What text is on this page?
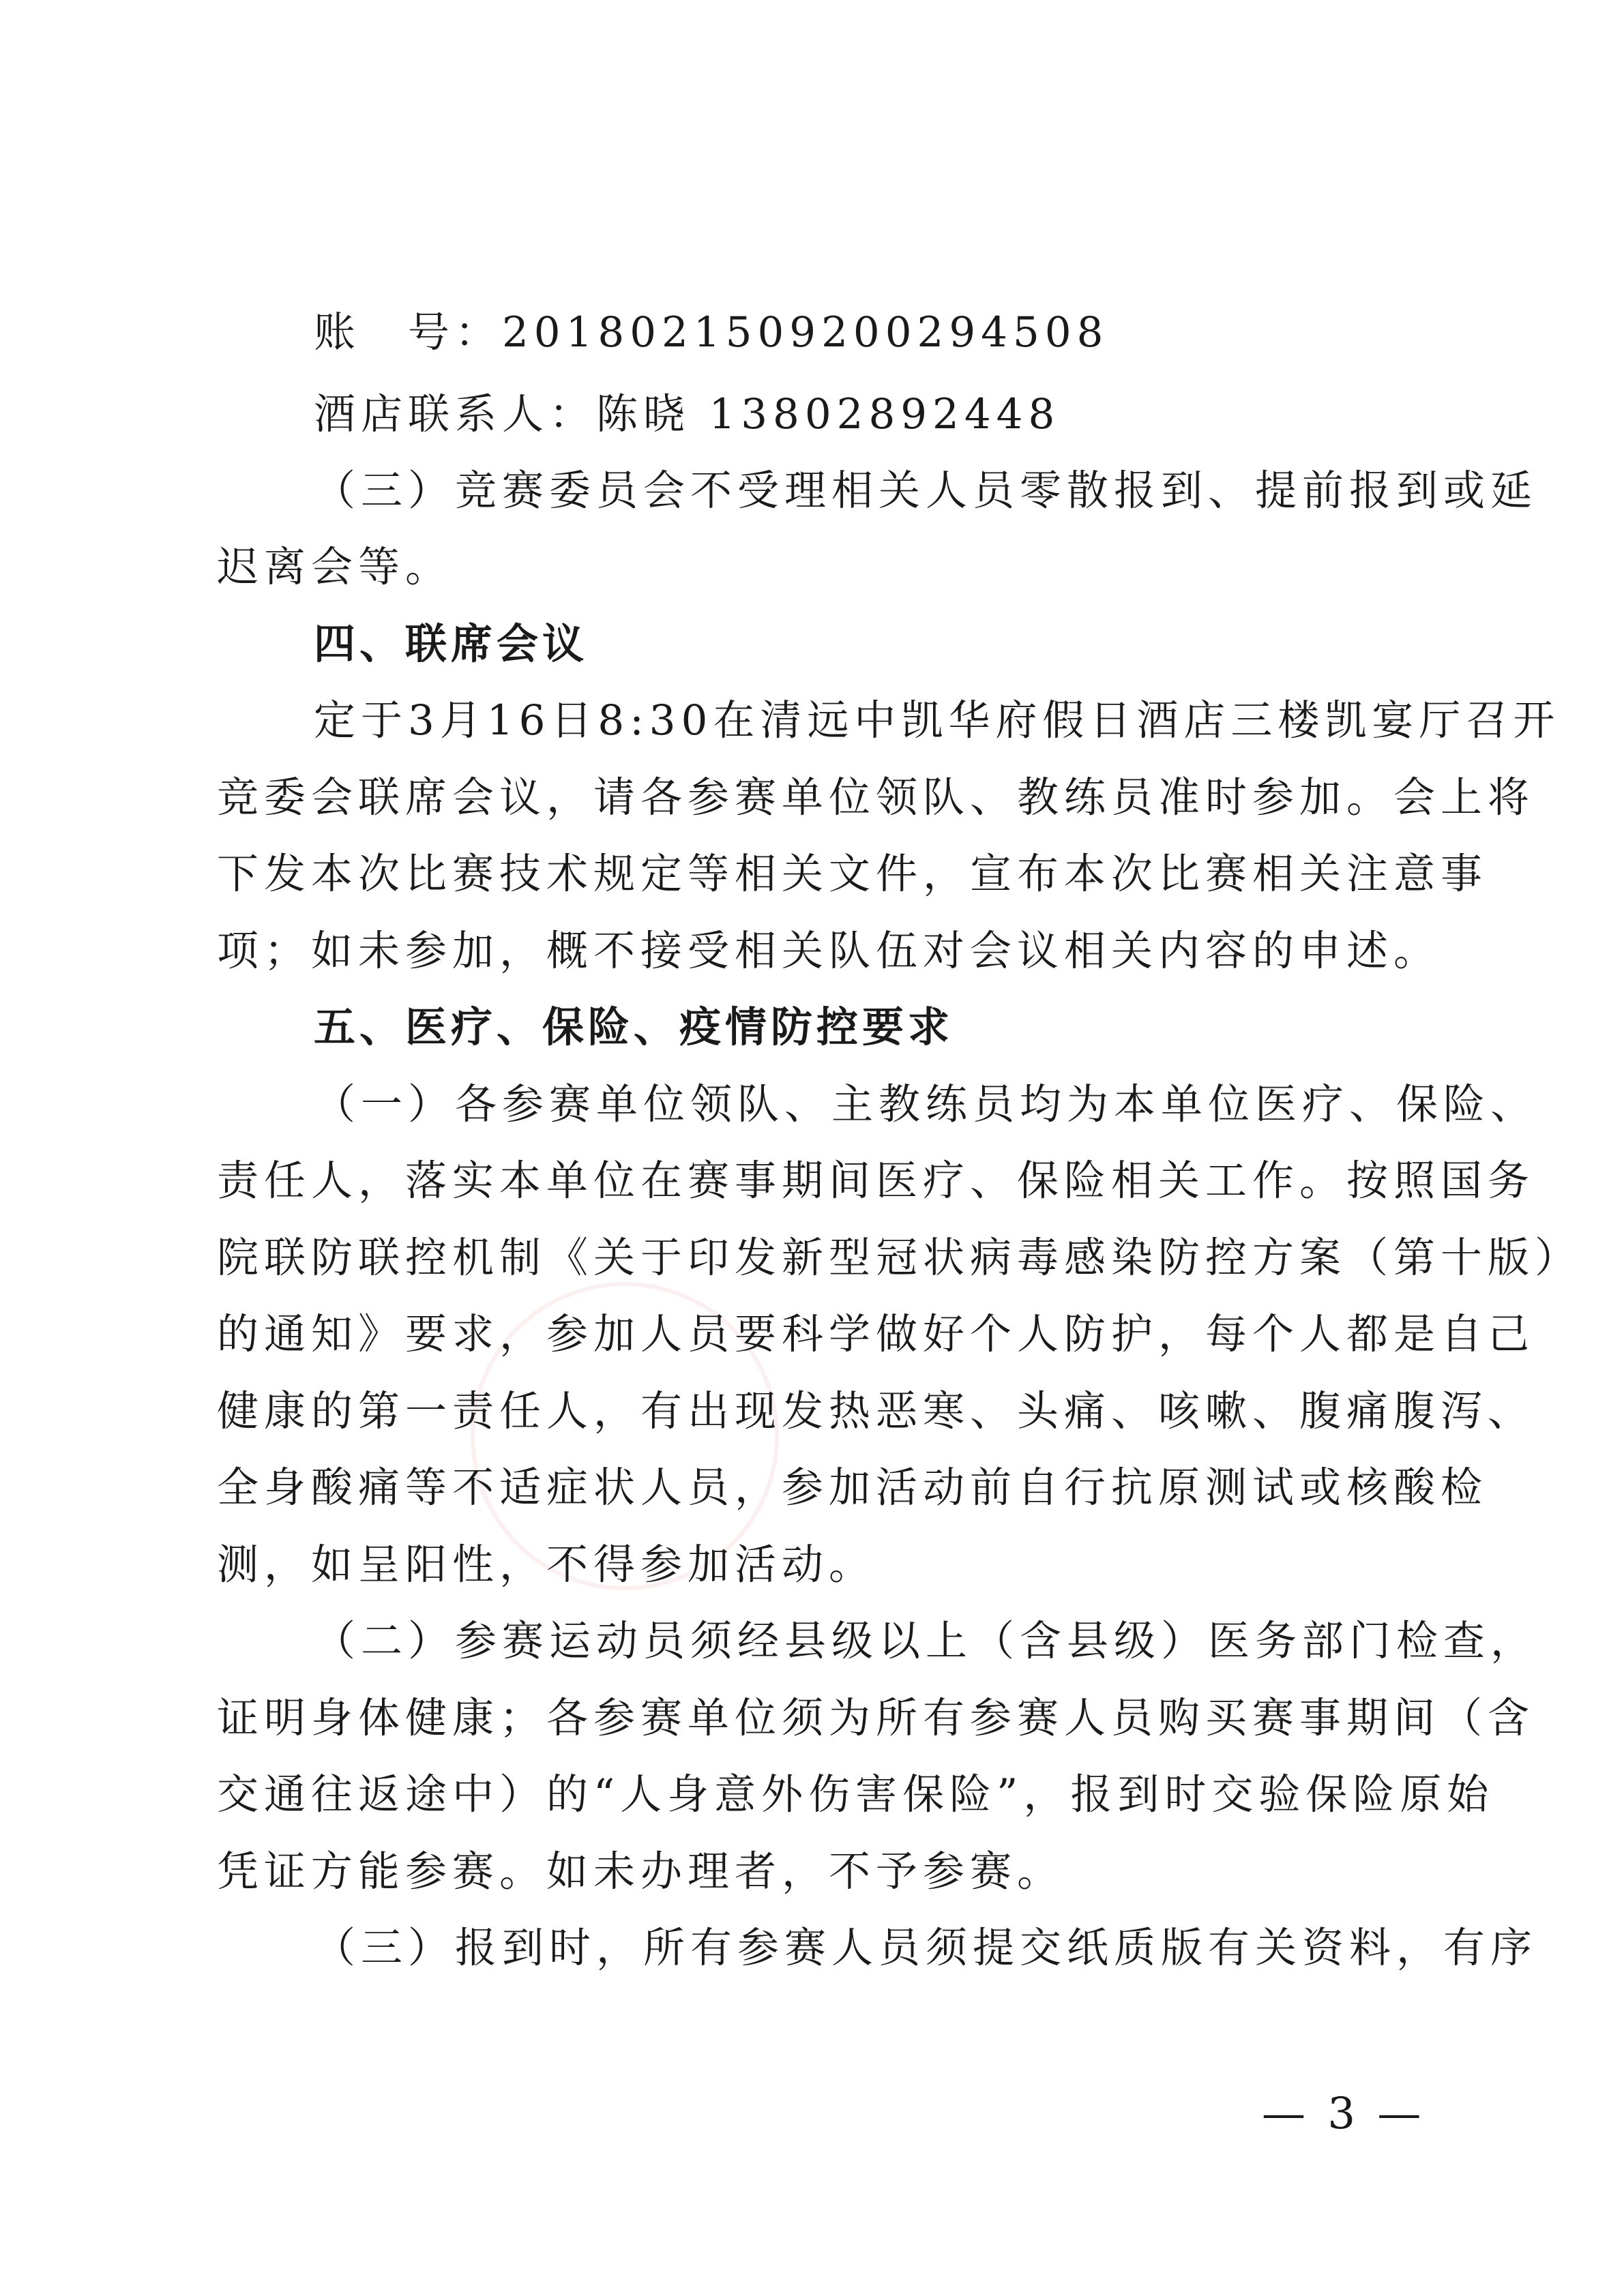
账　号：2018021509200294508
酒店联系人：陈晓 13802892448
（三）竞赛委员会不受理相关人员零散报到、提前报到或延
迟离会等。
四、联席会议
定于3月16日8:30在清远中凯华府假日酒店三楼凯宴厅召开
竞委会联席会议，请各参赛单位领队、教练员准时参加。会上将
下发本次比赛技术规定等相关文件，宣布本次比赛相关注意事
项；如未参加，概不接受相关队伍对会议相关内容的申述。
五、医疗、保险、疫情防控要求
（一）各参赛单位领队、主教练员均为本单位医疗、保险、
责任人，落实本单位在赛事期间医疗、保险相关工作。按照国务
院联防联控机制《关于印发新型冠状病毒感染防控方案（第十版）
的通知》要求，参加人员要科学做好个人防护，每个人都是自己
健康的第一责任人，有出现发热恶寒、头痛、咳嗽、腹痛腹泻、
全身酸痛等不适症状人员，参加活动前自行抗原测试或核酸检
测，如呈阳性，不得参加活动。
（二）参赛运动员须经县级以上（含县级）医务部门检查，
证明身体健康；各参赛单位须为所有参赛人员购买赛事期间（含
交通往返途中）的“人身意外伤害保险”，报到时交验保险原始
凭证方能参赛。如未办理者，不予参赛。
（三）报到时，所有参赛人员须提交纸质版有关资料，有序
— 3 —
